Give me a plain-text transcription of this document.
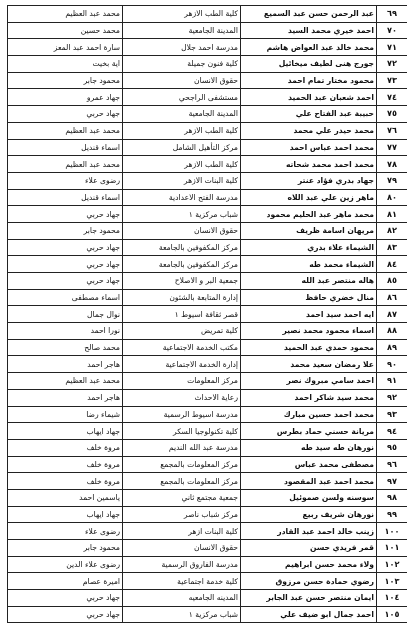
محمد عبد العظيم	كلية الطب الازهر	عبد الرحمن حسن عبد السميع	٦٩
محمد حسين	المدينة الجامعية	احمد خيري محمد السيد	٧٠
سارة احمد عبد المعز	مدرسة احمد جلال	محمد خالد عبد العواض هاشم	٧١
اية بخيت	كلية فنون جميلة	جورج هنى لطيف ميخائيل	٧٢
محمود جابر	حقوق الانسان	محمود مختار تمام احمد	٧٣
جهاد عمرو	مستشفى الراجحي	احمد شعبان عبد الحميد	٧٤
جهاد حربي	المدينة الجامعية	حبيبة عبد الفتاح علي	٧٥
محمد عبد العظيم	كلية الطب الازهر	محمد حيدر علي محمد	٧٦
اسماء قنديل	مركز التأهيل الشامل	محمد احمد عباس احمد	٧٧
محمد عبد العظيم	كلية الطب الازهر	محمد احمد محمد شحاته	٧٨
رضوى علاء	كلية البنات الازهر	جهاد بدري فؤاد عنتر	٧٩
اسماء قنديل	مدرسة الفتح الاعدادية	ماهر زين علي عبد اللاه	٨٠
جهاد حربي	شباب مركزية ١	محمد ماهر عبد الحليم محمود	٨١
محمود جابر	حقوق الانسان	مريهان اسامة ظريف	٨٢
جهاد حربي	مركز المكفوفين بالجامعة	الشيماء علاء بدري	٨٣
جهاد حربي	مركز المكفوفين بالجامعة	الشيماء محمد طه	٨٤
جهاد حربي	جمعية البر و الاصلاح	هاله منتصر عبد الله	٨٥
اسماء مصطفى	إدارة المتابعة بالشئون	منال خضري حافظ	٨٦
نوال جمال	قصر ثقافة اسيوط ١	ايه احمد سيد احمد	٨٧
نورا احمد	كلية تمريض	اسماء محمود محمد نصير	٨٨
محمد صالح	مكتب الخدمة الاجتماعية	محمود حمدي عبد الحميد	٨٩
هاجر احمد	إدارة الخدمة الاجتماعية	علا رمضان سعيد محمد	٩٠
محمد عبد العظيم	مركز المعلومات	احمد سامي مبروك نصر	٩١
هاجر احمد	رعاية الاحداث	محمد سيد شاكر احمد	٩٢
شيماء رضا	مدرسة اسيوط الرسمية	محمد احمد حسين مبارك	٩٣
جهاد ايهاب	كلية تكنولوجيا السكر	مريانة حسني حماد بطرس	٩٤
مروة خلف	مدرسة عبد الله النديم	نورهان طه سيد طه	٩٥
مروة خلف	مركز المعلومات بالمجمع	مصطفى محمد عباس	٩٦
مروة خلف	مركز المعلومات بالمجمع	محمد احمد عبد المقصود	٩٧
ياسمين احمد	جمعية مجتمع ثاني	سوسنه ولسن صموئيل	٩٨
جهاد ايهاب	مركز شباب ناصر	نورهان شريف ربيع	٩٩
رضوى علاء	كلية البنات ازهر	زينب خالد احمد عبد القادر	١٠٠
محمود جابر	حقوق الانسان	قمر فريدي حسن	١٠١
رضوى علاء الدين	مدرسة الفاروق الرسمية	ولاء محمد حسن ابراهيم	١٠٢
اميرة عصام	كلية خدمة اجتماعية	رضوي حمادة حسن مرزوق	١٠٣
جهاد حربي	المدينه الجامعيه	ايمان منتصر حسن عبد الجابر	١٠٤
جهاد حربي	شباب مركزية ١	احمد جمال ابو ضيف علي	١٠٥
